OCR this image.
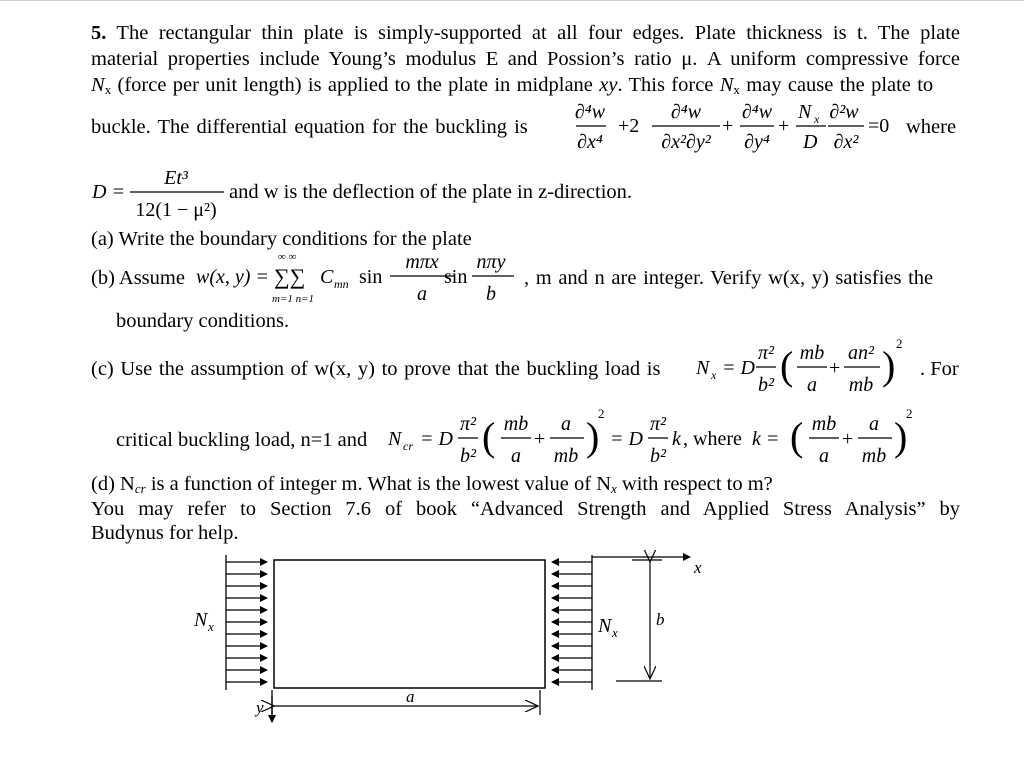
5. The rectangular thin plate is simply-supported at all four edges. Plate thickness is t. The plate
material properties include Young’s modulus E and Possion’s ratio μ. A uniform compressive force
$N_x$ (force per unit length) is applied to the plate in midplane xy. This force $N_x$ may cause the plate to
buckle. The differential equation for the buckling is	where
∂⁴w
∂x⁴
+2
∂⁴w
∂x²∂y²
+
∂⁴w
∂y⁴
+
N x
D
∂²w
∂x²
=0
D =
Et³
12(1 − μ²)
and w is the deflection of the plate in z-direction.
(a) Write the boundary conditions for the plate
(b) Assume w(x, y) =
∞ ∞
∑∑
m=1 n=1
C mn sin
mπx
a
sin
nπy
b
, m and n are integer. Verify w(x, y) satisfies the
boundary conditions.
(c) Use the assumption of w(x, y) to prove that the buckling load is N x = D
π²
b² ( mb
a
+
an²
mb ) 2
. For
critical buckling load, n=1 and N cr = D
π²
b² ( mb
a
+
a
mb )
2
= D
π²
b²
k , where k = ( mb
a
+
a
mb )
2
(d) $N_{cr}$ is a function of integer m. What is the lowest value of $N_x$ with respect to m?
You may refer to Section 7.6 of book “Advanced Strength and Applied Stress Analysis” by
Budynus for help.
N x	N x
x
y
a
b
